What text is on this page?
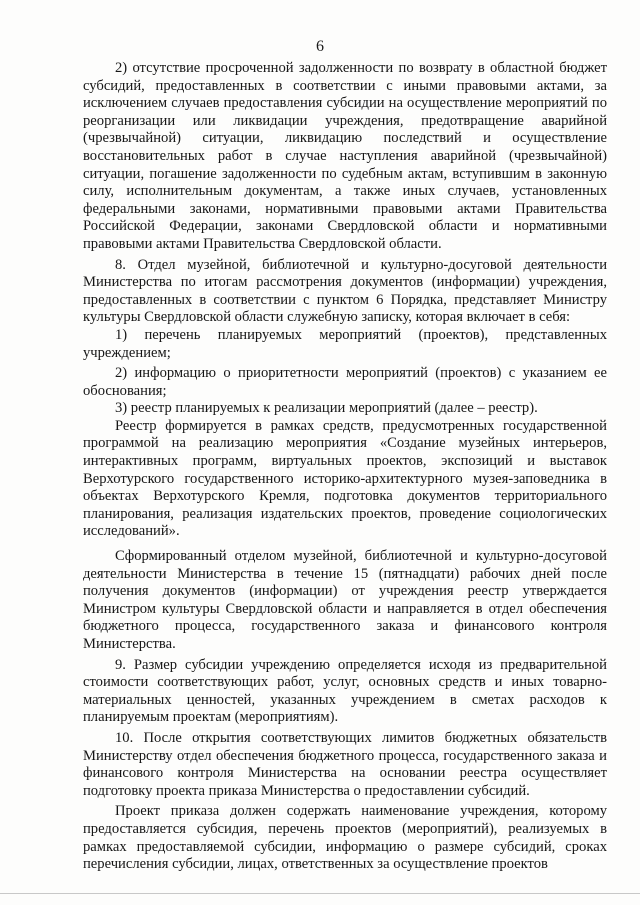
6

2) отсутствие просроченной задолженности по возврату в областной бюджет субсидий, предоставленных в соответствии с иными правовыми актами, за исключением случаев предоставления субсидии на осуществление мероприятий по реорганизации или ликвидации учреждения, предотвращение аварийной (чрезвычайной) ситуации, ликвидацию последствий и осуществление восстановительных работ в случае наступления аварийной (чрезвычайной) ситуации, погашение задолженности по судебным актам, вступившим в законную силу, исполнительным документам, а также иных случаев, установленных федеральными законами, нормативными правовыми актами Правительства Российской Федерации, законами Свердловской области и нормативными правовыми актами Правительства Свердловской области.

8. Отдел музейной, библиотечной и культурно-досуговой деятельности Министерства по итогам рассмотрения документов (информации) учреждения, предоставленных в соответствии с пунктом 6 Порядка, представляет Министру культуры Свердловской области служебную записку, которая включает в себя:

1) перечень планируемых мероприятий (проектов), представленных учреждением;

2) информацию о приоритетности мероприятий (проектов) с указанием ее обоснования;

3) реестр планируемых к реализации мероприятий (далее – реестр).

Реестр формируется в рамках средств, предусмотренных государственной программой на реализацию мероприятия «Создание музейных интерьеров, интерактивных программ, виртуальных проектов, экспозиций и выставок Верхотурского государственного историко-архитектурного музея-заповедника в объектах Верхотурского Кремля, подготовка документов территориального планирования, реализация издательских проектов, проведение социологических исследований».

Сформированный отделом музейной, библиотечной и культурно-досуговой деятельности Министерства в течение 15 (пятнадцати) рабочих дней после получения документов (информации) от учреждения реестр утверждается Министром культуры Свердловской области и направляется в отдел обеспечения бюджетного процесса, государственного заказа и финансового контроля Министерства.

9. Размер субсидии учреждению определяется исходя из предварительной стоимости соответствующих работ, услуг, основных средств и иных товарно-материальных ценностей, указанных учреждением в сметах расходов к планируемым проектам (мероприятиям).

10. После открытия соответствующих лимитов бюджетных обязательств Министерству отдел обеспечения бюджетного процесса, государственного заказа и финансового контроля Министерства на основании реестра осуществляет подготовку проекта приказа Министерства о предоставлении субсидий.

Проект приказа должен содержать наименование учреждения, которому предоставляется субсидия, перечень проектов (мероприятий), реализуемых в рамках предоставляемой субсидии, информацию о размере субсидий, сроках перечисления субсидии, лицах, ответственных за осуществление проектов
